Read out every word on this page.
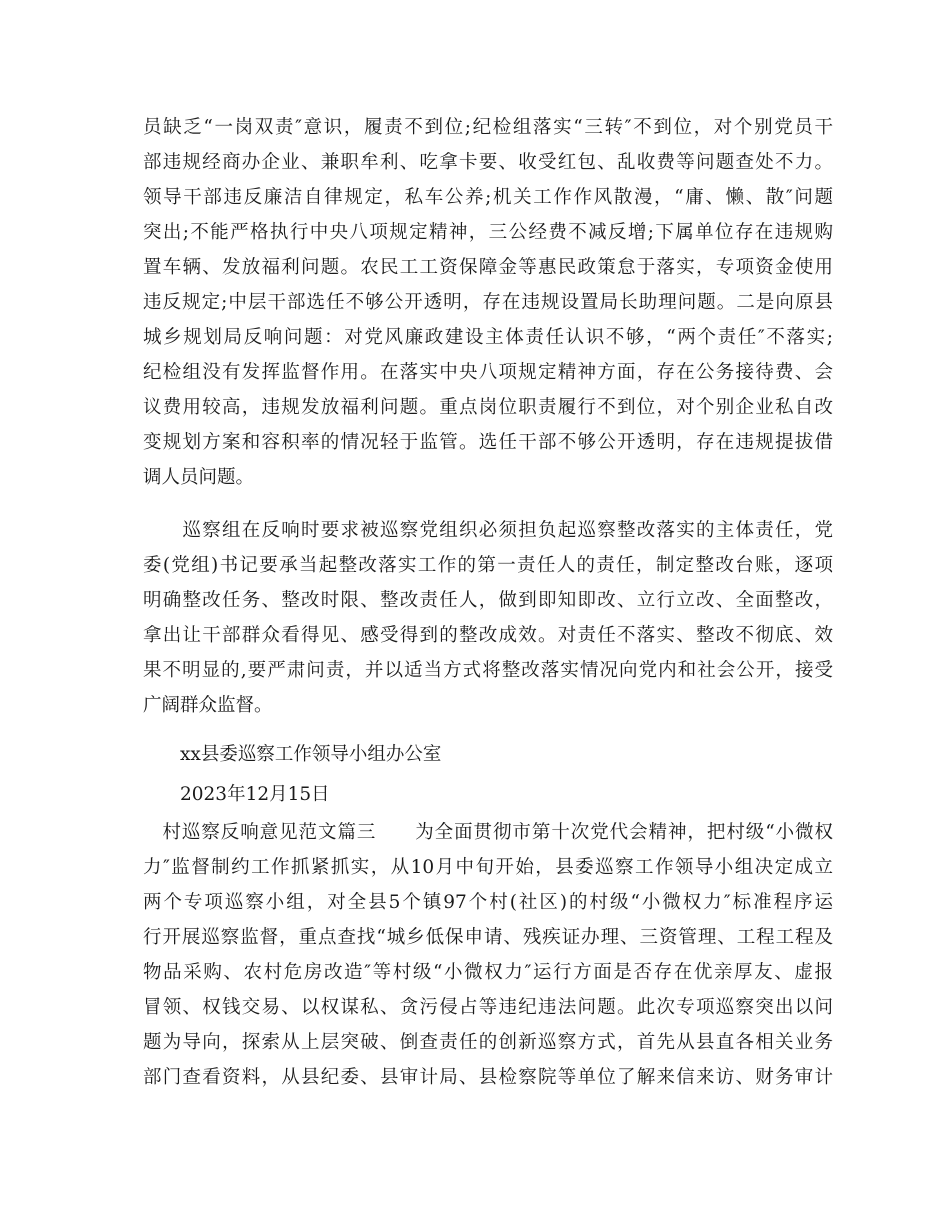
员缺乏“一岗双责″意识，履责不到位;纪检组落实“三转″不到位，对个别党员干
部违规经商办企业、兼职牟利、吃拿卡要、收受红包、乱收费等问题查处不力。
领导干部违反廉洁自律规定，私车公养;机关工作作风散漫，“庸、懒、散″问题
突出;不能严格执行中央八项规定精神，三公经费不减反增;下属单位存在违规购
置车辆、发放福利问题。农民工工资保障金等惠民政策怠于落实，专项资金使用
违反规定;中层干部选任不够公开透明，存在违规设置局长助理问题。二是向原县
城乡规划局反响问题：对党风廉政建设主体责任认识不够，“两个责任″不落实;
纪检组没有发挥监督作用。在落实中央八项规定精神方面，存在公务接待费、会
议费用较高，违规发放福利问题。重点岗位职责履行不到位，对个别企业私自改
变规划方案和容积率的情况轻于监管。选任干部不够公开透明，存在违规提拔借
调人员问题。
　　巡察组在反响时要求被巡察党组织必须担负起巡察整改落实的主体责任，党
委(党组)书记要承当起整改落实工作的第一责任人的责任，制定整改台账，逐项
明确整改任务、整改时限、整改责任人，做到即知即改、立行立改、全面整改，
拿出让干部群众看得见、感受得到的整改成效。对责任不落实、整改不彻底、效
果不明显的,要严肃问责，并以适当方式将整改落实情况向党内和社会公开，接受
广阔群众监督。
　　xx县委巡察工作领导小组办公室
　　2023年12月15日
　村巡察反响意见范文篇三　　为全面贯彻市第十次党代会精神，把村级“小微权
力″监督制约工作抓紧抓实，从10月中旬开始，县委巡察工作领导小组决定成立
两个专项巡察小组，对全县5个镇97个村(社区)的村级“小微权力″标准程序运
行开展巡察监督，重点查找“城乡低保申请、残疾证办理、三资管理、工程工程及
物品采购、农村危房改造″等村级“小微权力″运行方面是否存在优亲厚友、虚报
冒领、权钱交易、以权谋私、贪污侵占等违纪违法问题。此次专项巡察突出以问
题为导向，探索从上层突破、倒查责任的创新巡察方式，首先从县直各相关业务
部门查看资料，从县纪委、县审计局、县检察院等单位了解来信来访、财务审计
